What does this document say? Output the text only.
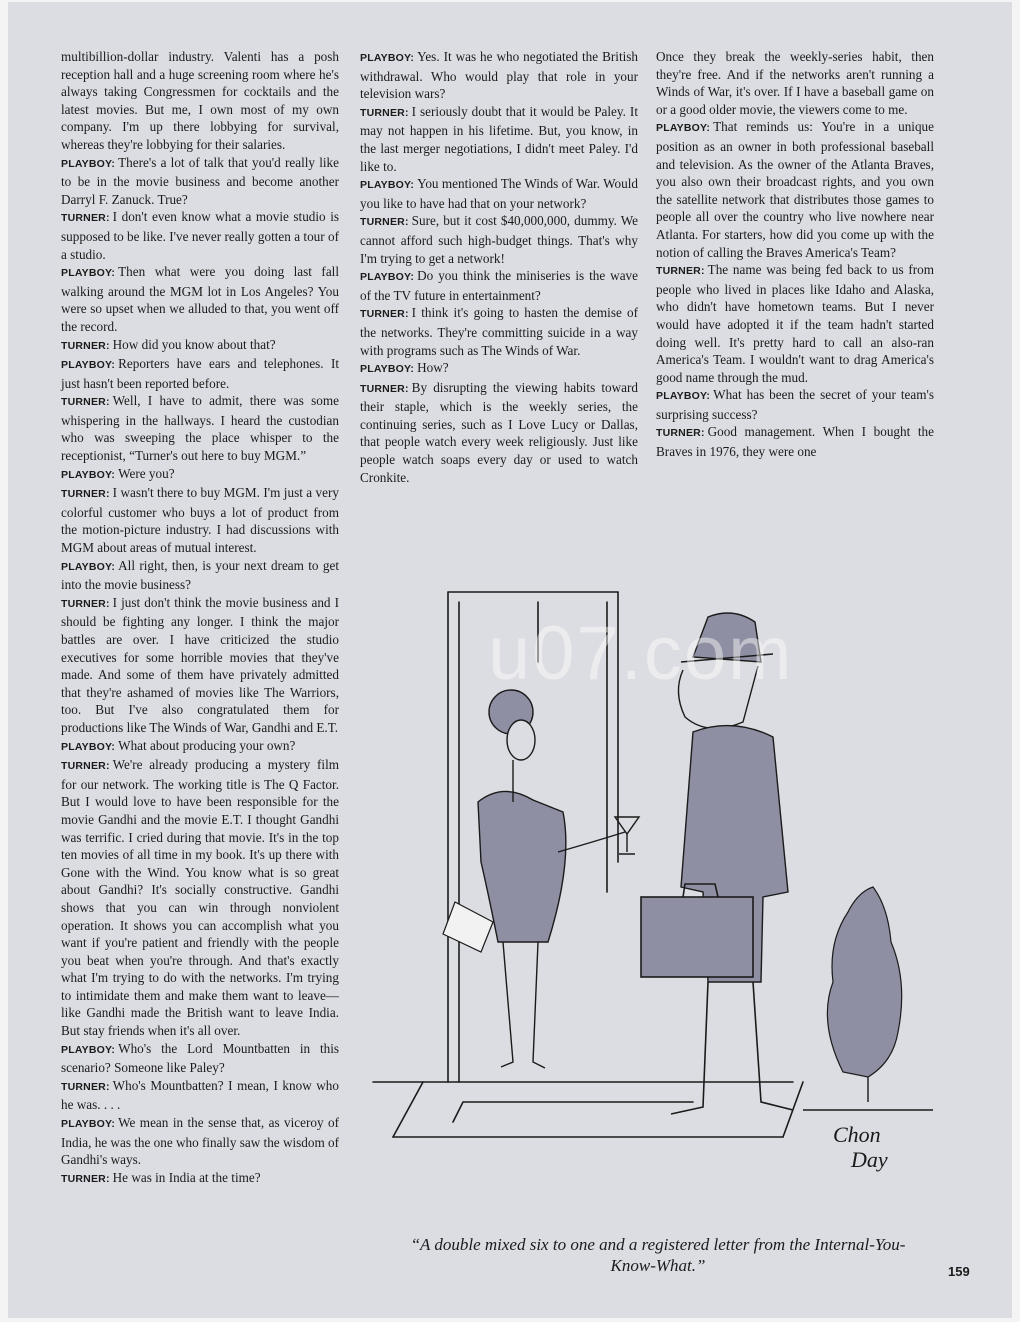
multibillion-dollar industry. Valenti has a posh reception hall and a huge screening room where he's always taking Congressmen for cocktails and the latest movies. But me, I own most of my own company. I'm up there lobbying for survival, whereas they're lobbying for their salaries.

PLAYBOY: There's a lot of talk that you'd really like to be in the movie business and become another Darryl F. Zanuck. True?

TURNER: I don't even know what a movie studio is supposed to be like. I've never really gotten a tour of a studio.

PLAYBOY: Then what were you doing last fall walking around the MGM lot in Los Angeles? You were so upset when we alluded to that, you went off the record.

TURNER: How did you know about that?

PLAYBOY: Reporters have ears and telephones. It just hasn't been reported before.

TURNER: Well, I have to admit, there was some whispering in the hallways. I heard the custodian who was sweeping the place whisper to the receptionist, “Turner's out here to buy MGM.”

PLAYBOY: Were you?

TURNER: I wasn't there to buy MGM. I'm just a very colorful customer who buys a lot of product from the motion-picture industry. I had discussions with MGM about areas of mutual interest.

PLAYBOY: All right, then, is your next dream to get into the movie business?

TURNER: I just don't think the movie business and I should be fighting any longer. I think the major battles are over. I have criticized the studio executives for some horrible movies that they've made. And some of them have privately admitted that they're ashamed of movies like The Warriors, too. But I've also congratulated them for productions like The Winds of War, Gandhi and E.T.

PLAYBOY: What about producing your own?

TURNER: We're already producing a mystery film for our network. The working title is The Q Factor. But I would love to have been responsible for the movie Gandhi and the movie E.T. I thought Gandhi was terrific. I cried during that movie. It's in the top ten movies of all time in my book. It's up there with Gone with the Wind. You know what is so great about Gandhi? It's socially constructive. Gandhi shows that you can win through nonviolent operation. It shows you can accomplish what you want if you're patient and friendly with the people you beat when you're through. And that's exactly what I'm trying to do with the networks. I'm trying to intimidate them and make them want to leave—like Gandhi made the British want to leave India. But stay friends when it's all over.

PLAYBOY: Who's the Lord Mountbatten in this scenario? Someone like Paley?

TURNER: Who's Mountbatten? I mean, I know who he was. . . .

PLAYBOY: We mean in the sense that, as viceroy of India, he was the one who finally saw the wisdom of Gandhi's ways.

TURNER: He was in India at the time?

PLAYBOY: Yes. It was he who negotiated the British withdrawal. Who would play that role in your television wars?

TURNER: I seriously doubt that it would be Paley. It may not happen in his lifetime. But, you know, in the last merger negotiations, I didn't meet Paley. I'd like to.

PLAYBOY: You mentioned The Winds of War. Would you like to have had that on your network?

TURNER: Sure, but it cost $40,000,000, dummy. We cannot afford such high-budget things. That's why I'm trying to get a network!

PLAYBOY: Do you think the miniseries is the wave of the TV future in entertainment?

TURNER: I think it's going to hasten the demise of the networks. They're committing suicide in a way with programs such as The Winds of War.

PLAYBOY: How?

TURNER: By disrupting the viewing habits toward their staple, which is the weekly series, the continuing series, such as I Love Lucy or Dallas, that people watch every week religiously. Just like people watch soaps every day or used to watch Cronkite.

Once they break the weekly-series habit, then they're free. And if the networks aren't running a Winds of War, it's over. If I have a baseball game on or a good older movie, the viewers come to me.

PLAYBOY: That reminds us: You're in a unique position as an owner in both professional baseball and television. As the owner of the Atlanta Braves, you also own their broadcast rights, and you own the satellite network that distributes those games to people all over the country who live nowhere near Atlanta. For starters, how did you come up with the notion of calling the Braves America's Team?

TURNER: The name was being fed back to us from people who lived in places like Idaho and Alaska, who didn't have hometown teams. But I never would have adopted it if the team hadn't started doing well. It's pretty hard to call an also-ran America's Team. I wouldn't want to drag America's good name through the mud.

PLAYBOY: What has been the secret of your team's surprising success?

TURNER: Good management. When I bought the Braves in 1976, they were one

Chon
Day
u07.com
“A double mixed six to one and a registered letter from the Internal-You-Know-What.”	159
